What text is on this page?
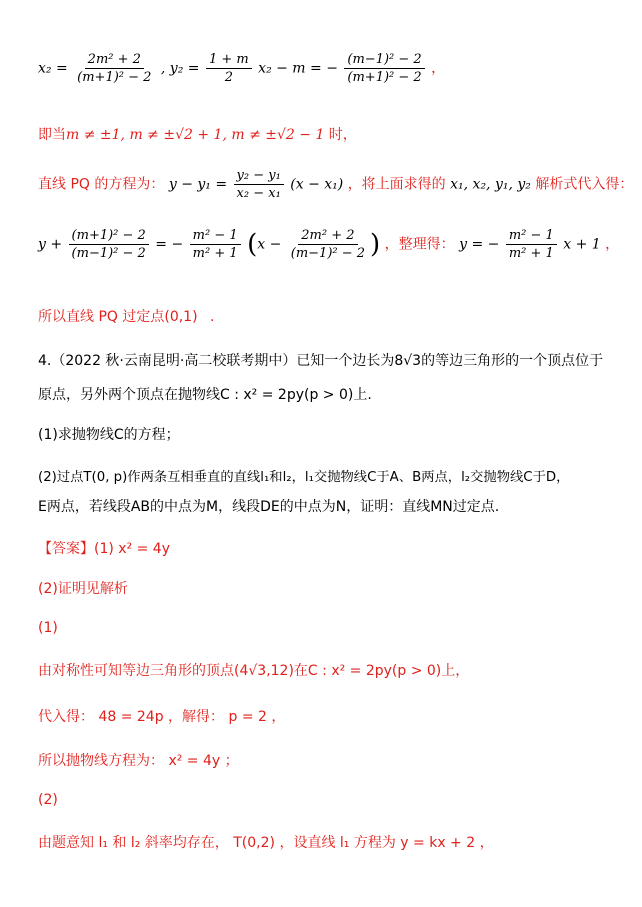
$x_2 = \frac{\text{2m² + 2}}{\text{(m+1)² − 2}}$ , $y_2 = \frac{1 + m}{2} x_2 - m$ = − $\frac{\text{(m−1)² − 2}}{\text{(m+1)² − 2}}$ ，
即当m ≠ ±1, m ≠ ±√2 + 1, m ≠ ±√2 − 1 时，
直线 PQ 的方程为： $y - y_1 = \frac{\text{y₂ − y₁}}{\text{x₂ − x₁}} (x - x_1)$ ，将上面求得的 x₁, x₂, y₁, y₂ 解析式代入得：
$y + \frac{\text{(m+1)² − 2}}{\text{(m−1)² − 2}}$ = − $\frac{\text{m² − 1}}{\text{m² + 1}} (x - \frac{\text{2m² + 2}}{\text{(m−1)² − 2}}$ ) ，整理得： y = − $\frac{\text{m² − 1}}{\text{m² + 1}}$ x + 1 ，
所以直线 PQ 过定点(0,1) .
4.（2022 秋·云南昆明·高二校联考期中）已知一个边长为8√3的等边三角形的一个顶点位于
原点，另外两个顶点在抛物线C : x² = 2py(p > 0)上.
(1)求抛物线C的方程；
(2)过点T(0, p)作两条互相垂直的直线l₁和l₂，l₁交抛物线C于A、B两点，l₂交抛物线C于D，
E两点，若线段AB的中点为M，线段DE的中点为N，证明：直线MN过定点.
【答案】(1) x² = 4y
(2)证明见解析
(1)
由对称性可知等边三角形的顶点(4√3,12)在C : x² = 2py(p > 0)上，
代入得： 48 = 24p ，解得： p = 2 ，
所以抛物线方程为： x² = 4y ；
(2)
由题意知 l₁ 和 l₂ 斜率均存在， T(0,2) ，设直线 l₁ 方程为 y = kx + 2 ，
